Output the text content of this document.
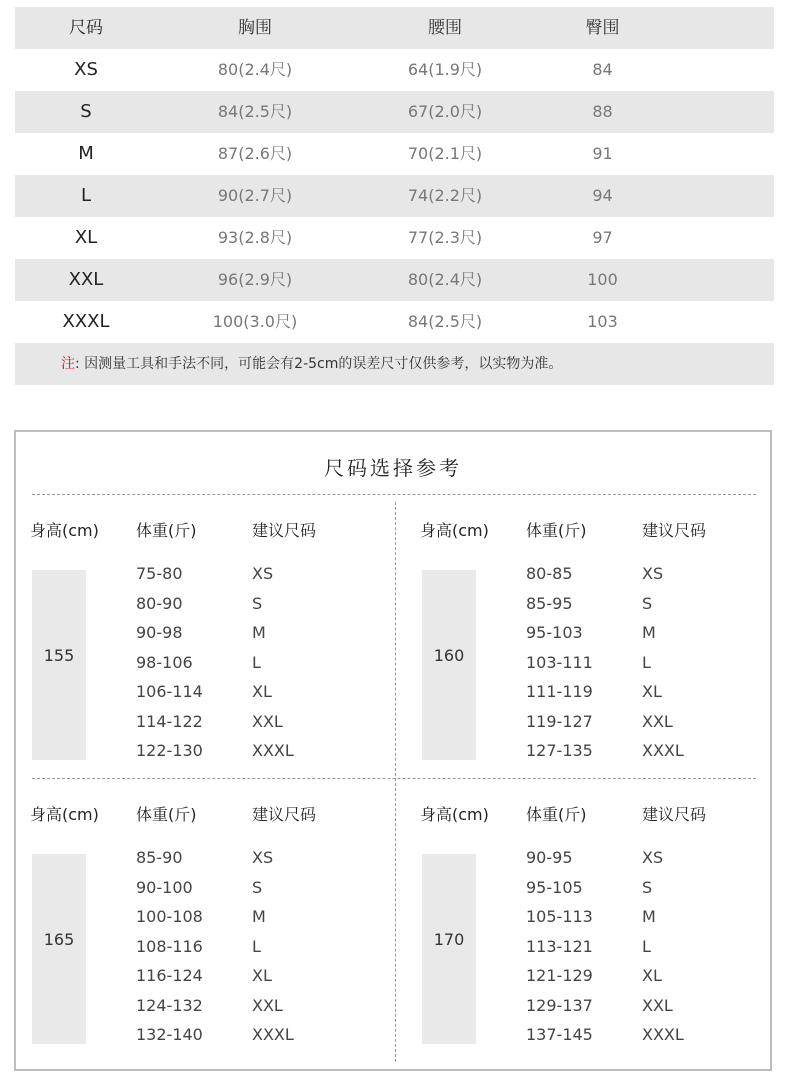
尺码	胸围	腰围	臀围
XS	80(2.4尺)	64(1.9尺)	84
S	84(2.5尺)	67(2.0尺)	88
M	87(2.6尺)	70(2.1尺)	91
L	90(2.7尺)	74(2.2尺)	94
XL	93(2.8尺)	77(2.3尺)	97
XXL	96(2.9尺)	80(2.4尺)	100
XXXL	100(3.0尺)	84(2.5尺)	103
注: 因测量工具和手法不同，可能会有2-5cm的误差尺寸仅供参考，以实物为准。
尺码选择参考
身高(cm) 体重(斤)	建议尺码
155
75-80	XS
80-90	S
90-98	M
98-106	L
106-114	XL
114-122	XXL
122-130	XXXL
身高(cm) 体重(斤)	建议尺码
160
80-85	XS
85-95	S
95-103	M
103-111	L
111-119	XL
119-127	XXL
127-135	XXXL
身高(cm) 体重(斤)	建议尺码
165
85-90	XS
90-100	S
100-108	M
108-116	L
116-124	XL
124-132	XXL
132-140	XXXL
身高(cm) 体重(斤)	建议尺码
170
90-95	XS
95-105	S
105-113	M
113-121	L
121-129	XL
129-137	XXL
137-145	XXXL
